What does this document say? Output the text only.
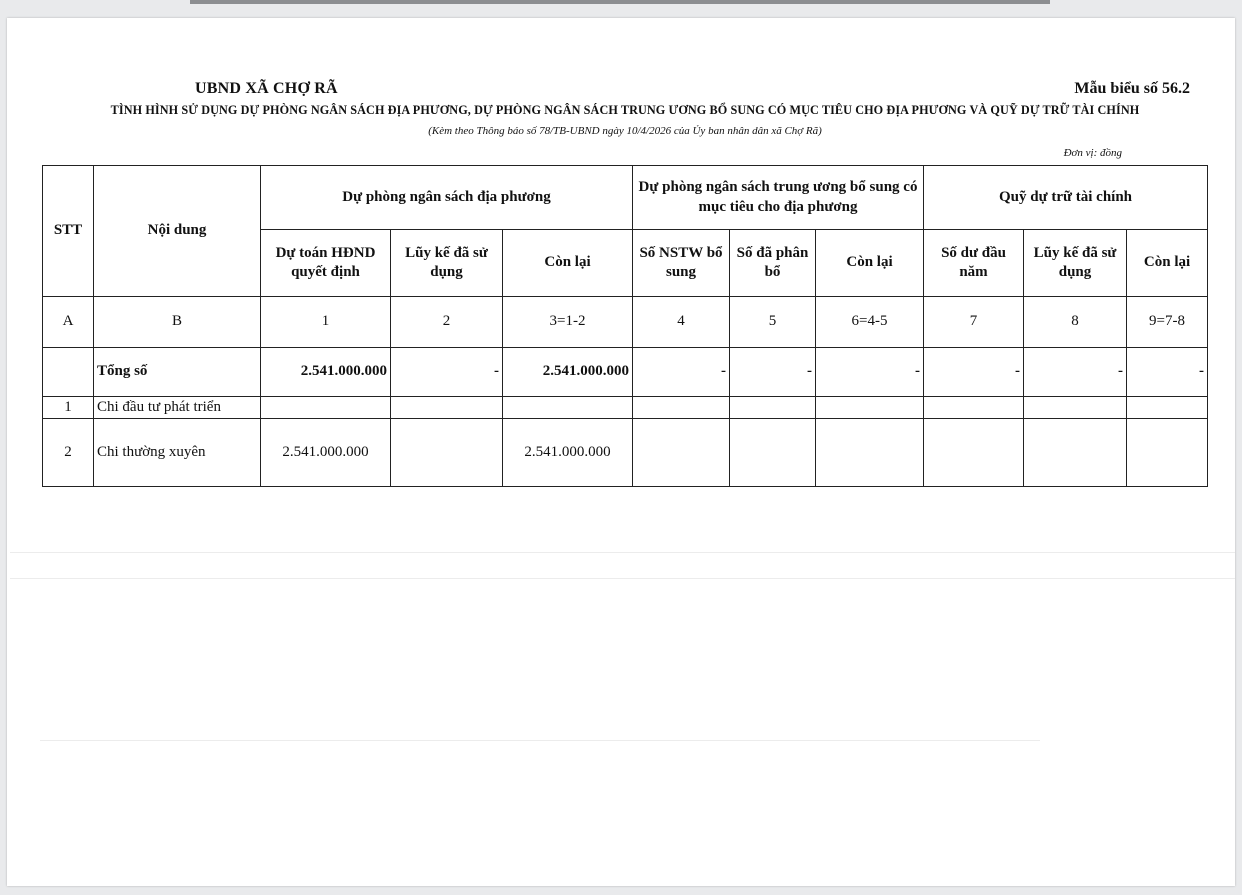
UBND XÃ CHỢ RÃ	Mẫu biểu số 56.2
TÌNH HÌNH SỬ DỤNG DỰ PHÒNG NGÂN SÁCH ĐỊA PHƯƠNG, DỰ PHÒNG NGÂN SÁCH TRUNG ƯƠNG BỔ SUNG CÓ MỤC TIÊU CHO ĐỊA PHƯƠNG VÀ QUỸ DỰ TRỮ TÀI CHÍNH
(Kèm theo Thông báo số 78/TB-UBND ngày 10/4/2026 của Ủy ban nhân dân xã Chợ Rã)
Đơn vị: đồng
STT	Nội dung	Dự phòng ngân sách địa phương			Dự phòng ngân sách trung ương bổ sung có mục tiêu cho địa phương			Quỹ dự trữ tài chính		
		Dự toán HĐND quyết định	Lũy kế đã sử dụng	Còn lại	Số NSTW bổ sung	Số đã phân bổ	Còn lại	Số dư đầu năm	Lũy kế đã sử dụng	Còn lại
A	B	1	2	3=1-2	4	5	6=4-5	7	8	9=7-8
	Tổng số	2.541.000.000	-	2.541.000.000	-	-	-	-	-	-
1	Chi đầu tư phát triển									
2	Chi thường xuyên	2.541.000.000		2.541.000.000						
